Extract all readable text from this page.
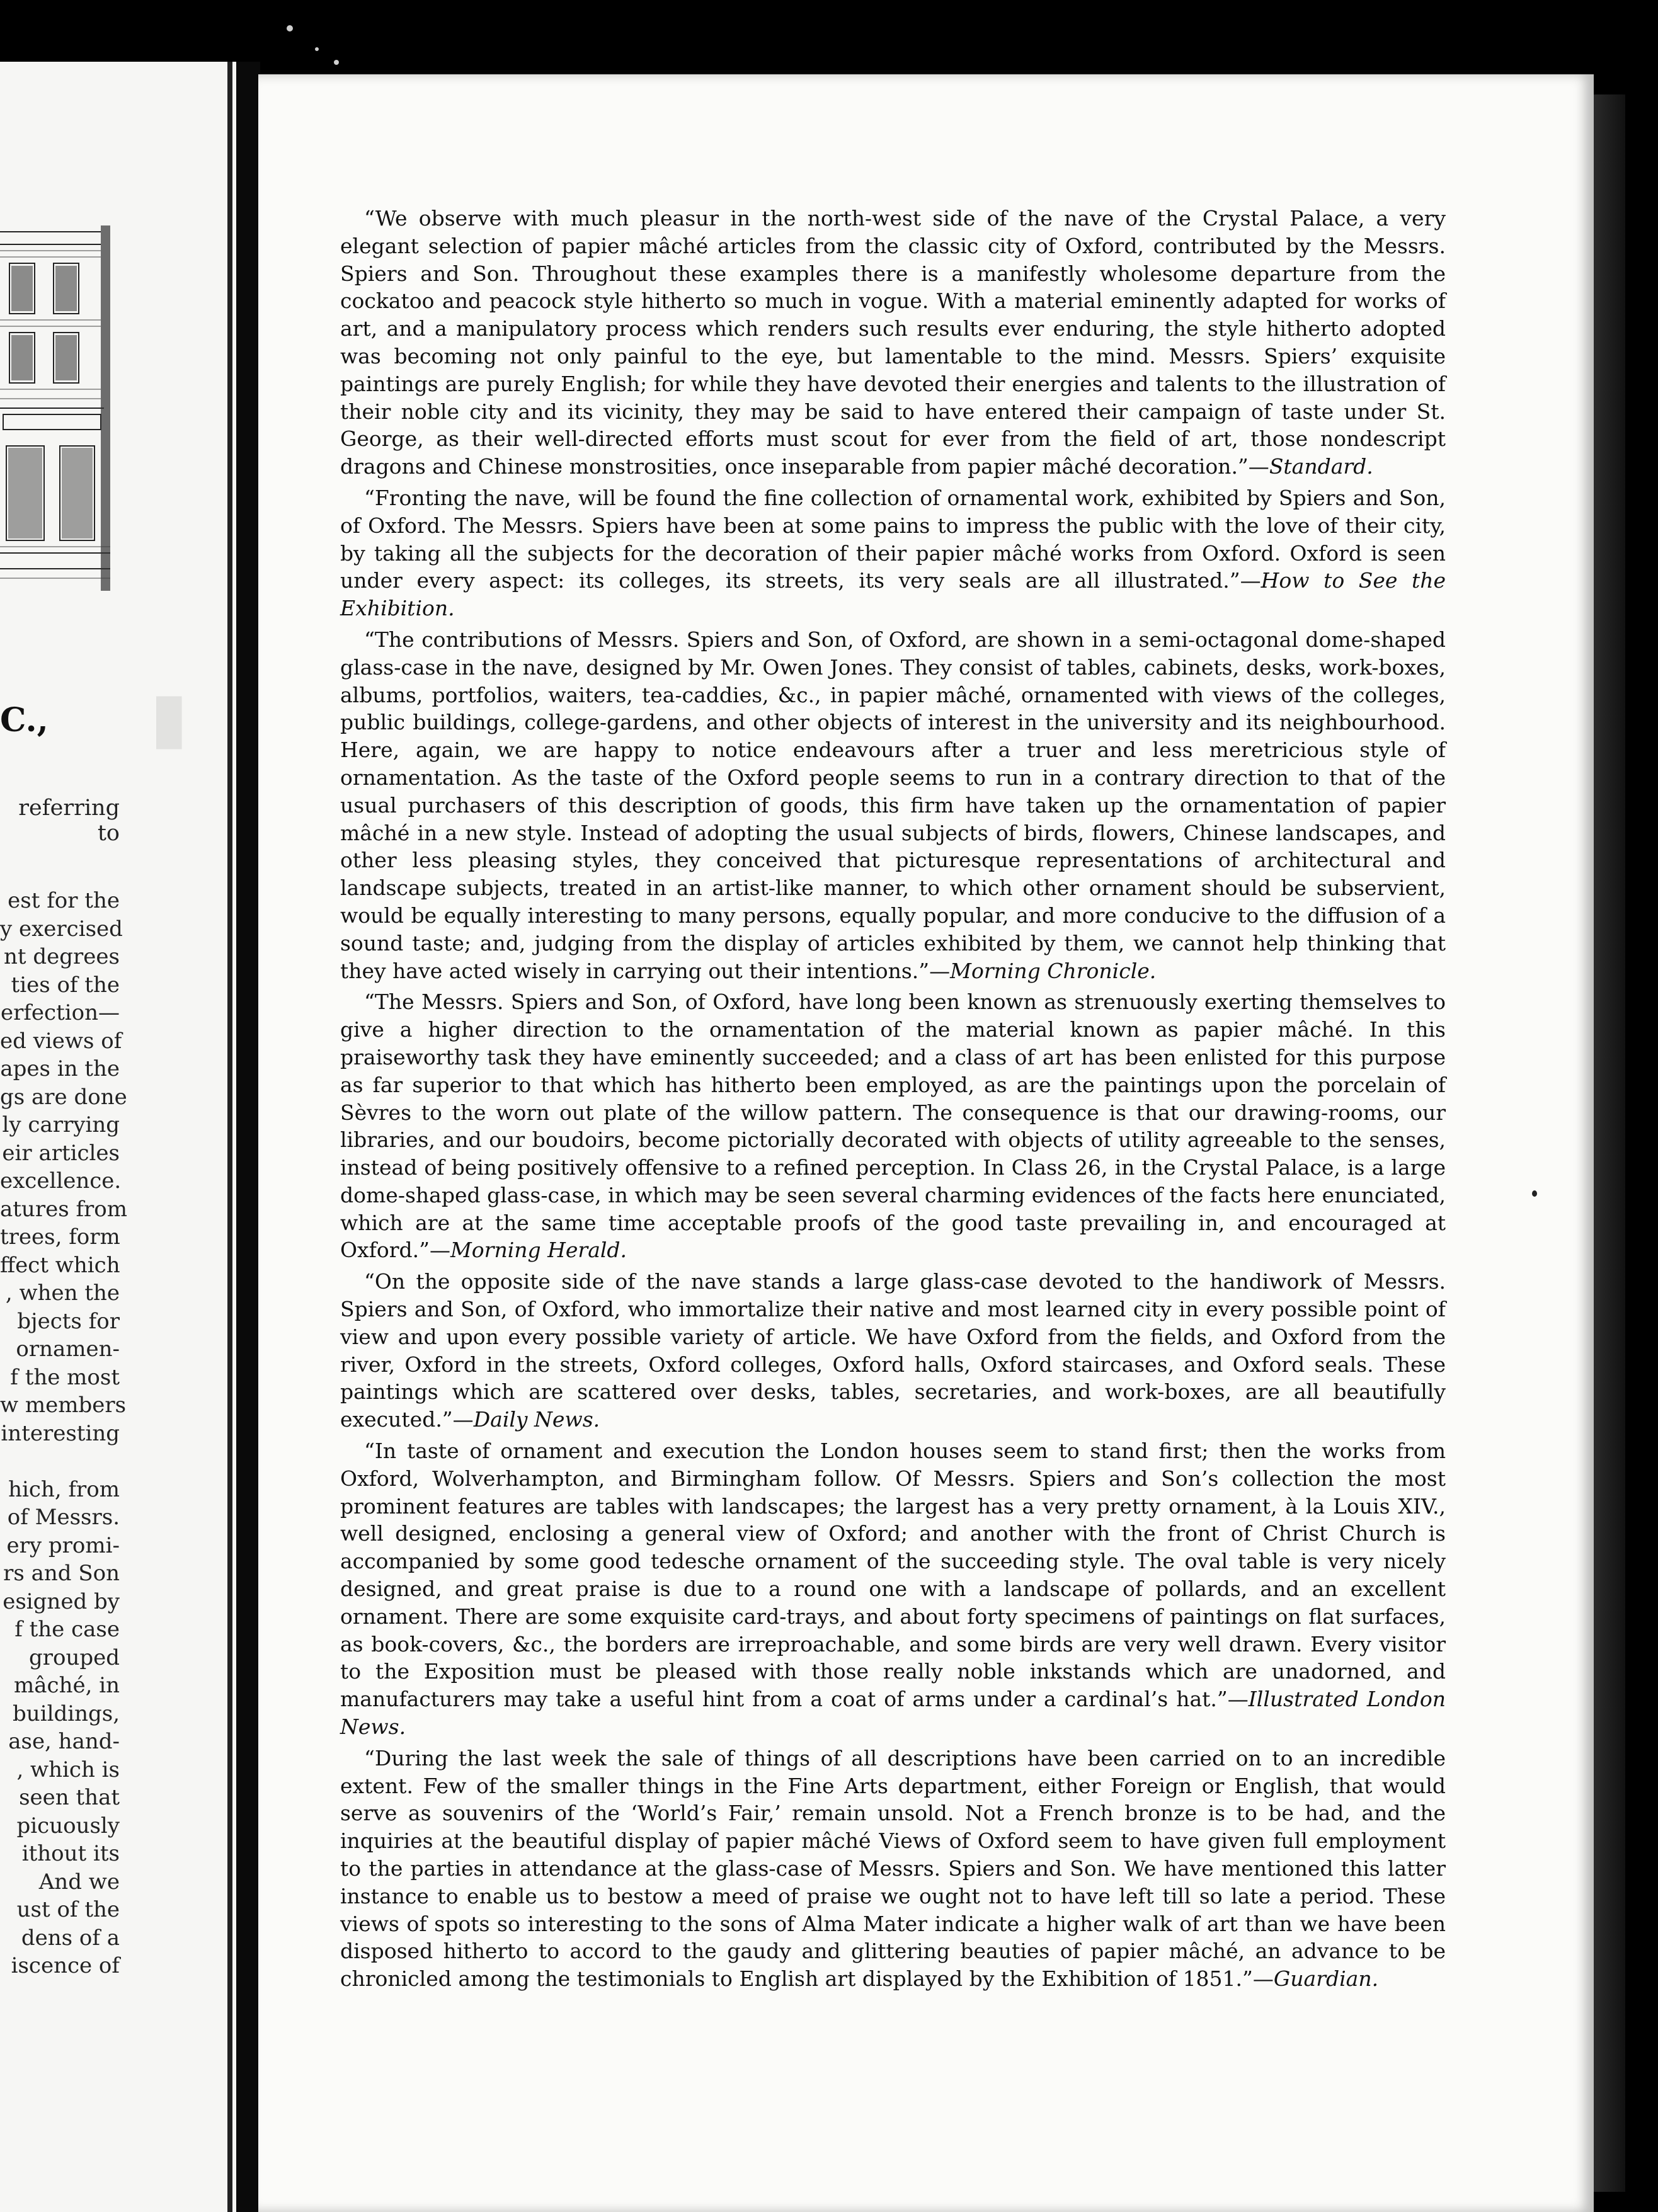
▮
C.,
referring to
est for the
y exercised
nt degrees
ties of the
erfection—
ed views of
apes in the
gs are done
ly carrying
eir articles
excellence.
atures from
trees, form
ffect which
, when the
bjects for
ornamen-
f the most
w members
interesting
hich, from
of Messrs.
ery promi-
rs and Son
esigned by
f the case
grouped
mâché, in
buildings,
ase, hand-
, which is
seen that
picuously
ithout its
And we
ust of the
dens of a
iscence of

“We observe with much pleasur in the north-west side of the nave of the Crystal Palace, a very elegant selection of papier mâché articles from the classic city of Oxford, contributed by the Messrs. Spiers and Son. Throughout these examples there is a manifestly wholesome departure from the cockatoo and peacock style hitherto so much in vogue. With a material eminently adapted for works of art, and a manipulatory process which renders such results ever enduring, the style hitherto adopted was becoming not only painful to the eye, but lamentable to the mind. Messrs. Spiers’ exquisite paintings are purely English; for while they have devoted their energies and talents to the illustration of their noble city and its vicinity, they may be said to have entered their campaign of taste under St. George, as their well-directed efforts must scout for ever from the field of art, those nondescript dragons and Chinese monstrosities, once inseparable from papier mâché decoration.”—Standard.

“Fronting the nave, will be found the fine collection of ornamental work, exhibited by Spiers and Son, of Oxford. The Messrs. Spiers have been at some pains to impress the public with the love of their city, by taking all the subjects for the decoration of their papier mâché works from Oxford. Oxford is seen under every aspect: its colleges, its streets, its very seals are all illustrated.”—How to See the Exhibition.

“The contributions of Messrs. Spiers and Son, of Oxford, are shown in a semi-octagonal dome-shaped glass-case in the nave, designed by Mr. Owen Jones. They consist of tables, cabinets, desks, work-boxes, albums, portfolios, waiters, tea-caddies, &c., in papier mâché, ornamented with views of the colleges, public buildings, college-gardens, and other objects of interest in the university and its neighbourhood. Here, again, we are happy to notice endeavours after a truer and less meretricious style of ornamentation. As the taste of the Oxford people seems to run in a contrary direction to that of the usual purchasers of this description of goods, this firm have taken up the ornamentation of papier mâché in a new style. Instead of adopting the usual subjects of birds, flowers, Chinese landscapes, and other less pleasing styles, they conceived that picturesque representations of architectural and landscape subjects, treated in an artist-like manner, to which other ornament should be subservient, would be equally interesting to many persons, equally popular, and more conducive to the diffusion of a sound taste; and, judging from the display of articles exhibited by them, we cannot help thinking that they have acted wisely in carrying out their intentions.”—Morning Chronicle.

“The Messrs. Spiers and Son, of Oxford, have long been known as strenuously exerting themselves to give a higher direction to the ornamentation of the material known as papier mâché. In this praiseworthy task they have eminently succeeded; and a class of art has been enlisted for this purpose as far superior to that which has hitherto been employed, as are the paintings upon the porcelain of Sèvres to the worn out plate of the willow pattern. The consequence is that our drawing-rooms, our libraries, and our boudoirs, become pictorially decorated with objects of utility agreeable to the senses, instead of being positively offensive to a refined perception. In Class 26, in the Crystal Palace, is a large dome-shaped glass-case, in which may be seen several charming evidences of the facts here enunciated, which are at the same time acceptable proofs of the good taste prevailing in, and encouraged at Oxford.”—Morning Herald.

“On the opposite side of the nave stands a large glass-case devoted to the handiwork of Messrs. Spiers and Son, of Oxford, who immortalize their native and most learned city in every possible point of view and upon every possible variety of article. We have Oxford from the fields, and Oxford from the river, Oxford in the streets, Oxford colleges, Oxford halls, Oxford staircases, and Oxford seals. These paintings which are scattered over desks, tables, secretaries, and work-boxes, are all beautifully executed.”—Daily News.

“In taste of ornament and execution the London houses seem to stand first; then the works from Oxford, Wolverhampton, and Birmingham follow. Of Messrs. Spiers and Son’s collection the most prominent features are tables with landscapes; the largest has a very pretty ornament, à la Louis XIV., well designed, enclosing a general view of Oxford; and another with the front of Christ Church is accompanied by some good tedesche ornament of the succeeding style. The oval table is very nicely designed, and great praise is due to a round one with a landscape of pollards, and an excellent ornament. There are some exquisite card-trays, and about forty specimens of paintings on flat surfaces, as book-covers, &c., the borders are irreproachable, and some birds are very well drawn. Every visitor to the Exposition must be pleased with those really noble inkstands which are unadorned, and manufacturers may take a useful hint from a coat of arms under a cardinal’s hat.”—Illustrated London News.

“During the last week the sale of things of all descriptions have been carried on to an incredible extent. Few of the smaller things in the Fine Arts department, either Foreign or English, that would serve as souvenirs of the ‘World’s Fair,’ remain unsold. Not a French bronze is to be had, and the inquiries at the beautiful display of papier mâché Views of Oxford seem to have given full employment to the parties in attendance at the glass-case of Messrs. Spiers and Son. We have mentioned this latter instance to enable us to bestow a meed of praise we ought not to have left till so late a period. These views of spots so interesting to the sons of Alma Mater indicate a higher walk of art than we have been disposed hitherto to accord to the gaudy and glittering beauties of papier mâché, an advance to be chronicled among the testimonials to English art displayed by the Exhibition of 1851.”—Guardian.
